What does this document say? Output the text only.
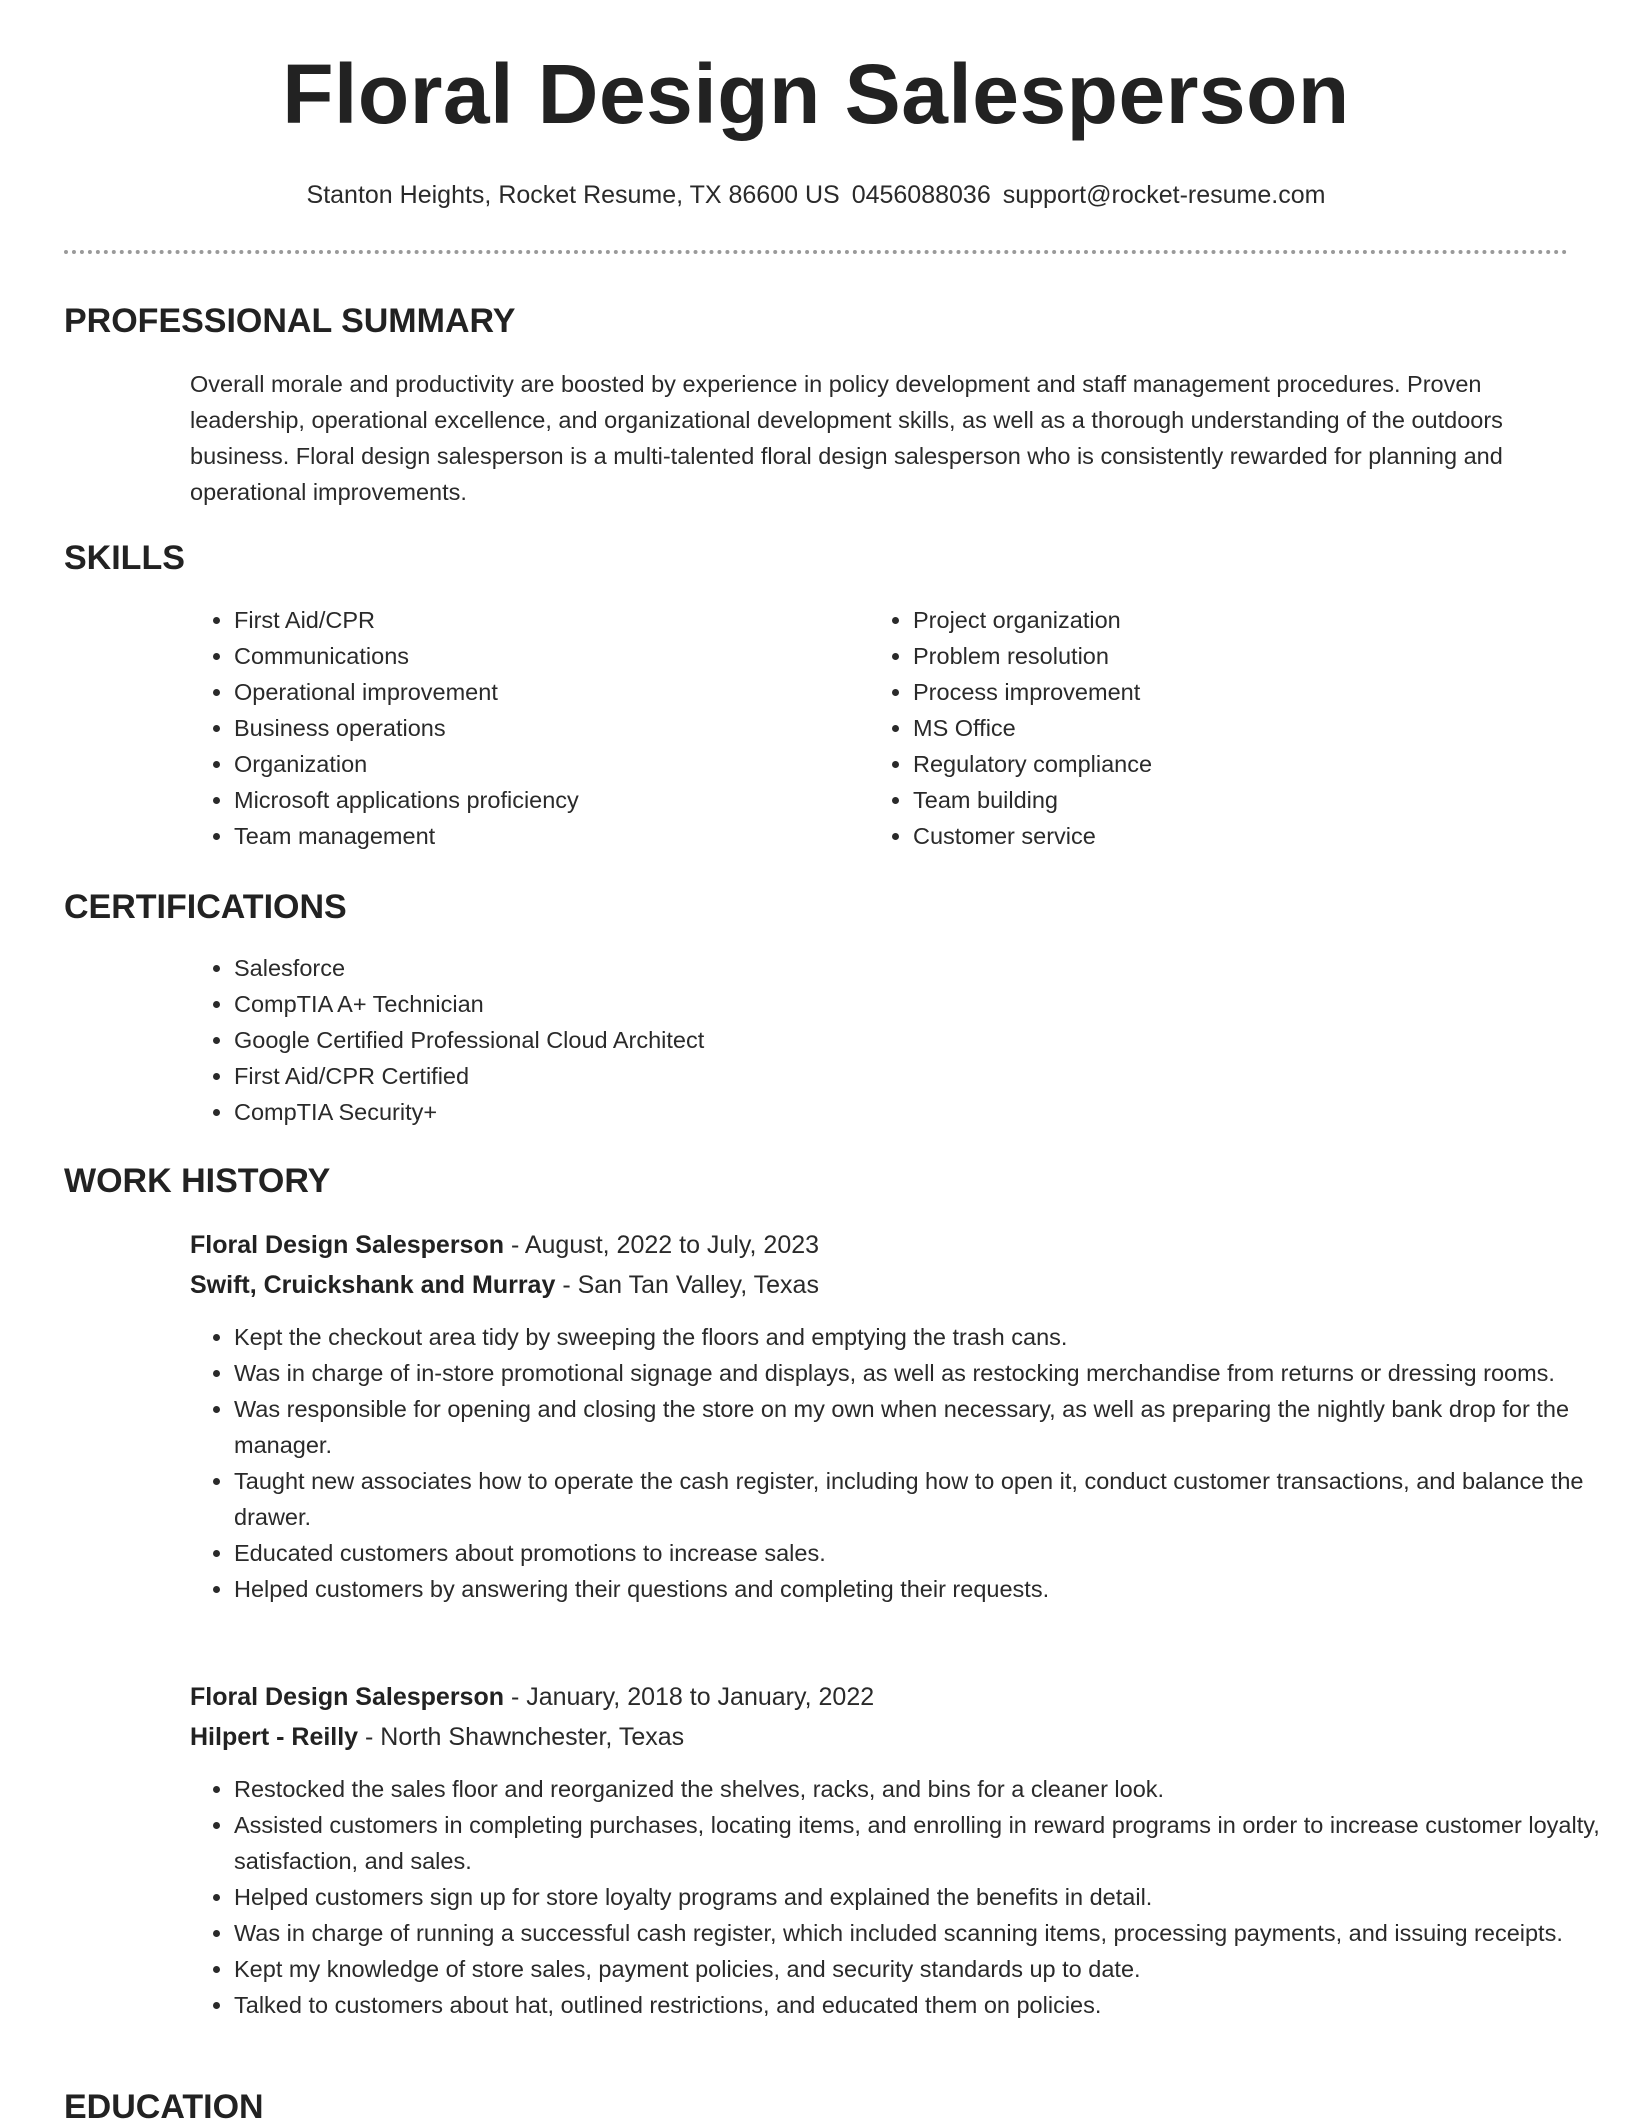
Floral Design Salesperson
Stanton Heights, Rocket Resume, TX 86600 US 0456088036 support@rocket-resume.com
PROFESSIONAL SUMMARY

Overall morale and productivity are boosted by experience in policy development and staff management procedures. Proven leadership, operational excellence, and organizational development skills, as well as a thorough understanding of the outdoors business. Floral design salesperson is a multi-talented floral design salesperson who is consistently rewarded for planning and operational improvements.

SKILLS
• First Aid/CPR
• Communications
• Operational improvement
• Business operations
• Organization
• Microsoft applications proficiency
• Team management
• Project organization
• Problem resolution
• Process improvement
• MS Office
• Regulatory compliance
• Team building
• Customer service
CERTIFICATIONS
• Salesforce
• CompTIA A+ Technician
• Google Certified Professional Cloud Architect
• First Aid/CPR Certified
• CompTIA Security+
WORK HISTORY
Floral Design Salesperson - August, 2022 to July, 2023
Swift, Cruickshank and Murray - San Tan Valley, Texas
• Kept the checkout area tidy by sweeping the floors and emptying the trash cans.
• Was in charge of in-store promotional signage and displays, as well as restocking merchandise from returns or dressing rooms.
• Was responsible for opening and closing the store on my own when necessary, as well as preparing the nightly bank drop for the manager.
• Taught new associates how to operate the cash register, including how to open it, conduct customer transactions, and balance the drawer.
• Educated customers about promotions to increase sales.
• Helped customers by answering their questions and completing their requests.
Floral Design Salesperson - January, 2018 to January, 2022
Hilpert - Reilly - North Shawnchester, Texas
• Restocked the sales floor and reorganized the shelves, racks, and bins for a cleaner look.
• Assisted customers in completing purchases, locating items, and enrolling in reward programs in order to increase customer loyalty, satisfaction, and sales.
• Helped customers sign up for store loyalty programs and explained the benefits in detail.
• Was in charge of running a successful cash register, which included scanning items, processing payments, and issuing receipts.
• Kept my knowledge of store sales, payment policies, and security standards up to date.
• Talked to customers about hat, outlined restrictions, and educated them on policies.
EDUCATION
